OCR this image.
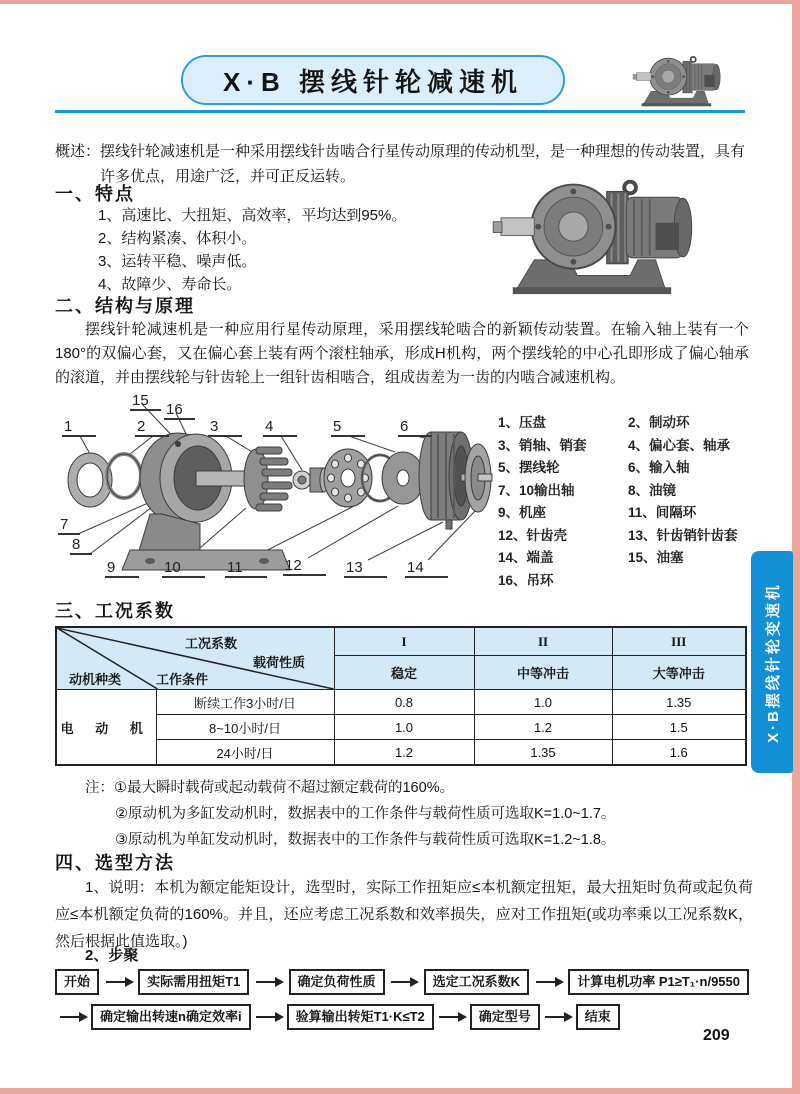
X·B 摆线针轮减速机

概述：摆线针轮减速机是一种采用摆线针齿啮合行星传动原理的传动机型，是一种理想的传动装置，具有许多优点，用途广泛，并可正反运转。

一、特点
1、高速比、大扭矩、高效率，平均达到95%。
2、结构紧凑、体积小。
3、运转平稳、噪声低。
4、故障少、寿命长。
二、结构与原理

摆线针轮减速机是一种应用行星传动原理，采用摆线轮啮合的新颖传动装置。在输入轴上装有一个180°的双偏心套，又在偏心套上装有两个滚柱轴承，形成H机构，两个摆线轮的中心孔即形成了偏心轴承的滚道，并由摆线轮与针齿轮上一组针齿相啮合，组成齿差为一齿的内啮合减速机构。

15
16
1	2	3	4	5	6
7
8
9	10	11	12	13	14
1、压盘	2、制动环
3、销轴、销套	4、偏心套、轴承
5、摆线轮	6、输入轴
7、10输出轴	8、油镜
9、机座	11、间隔环
12、针齿壳	13、针齿销针齿套
14、端盖	15、油塞
16、吊环
三、工况系数
工况系数
载荷性质
动机种类 工作条件		I	II	III
		稳定	中等冲击	大等冲击
电 动 机	断续工作3小时/日	0.8	1.0	1.35
	8~10小时/日	1.0	1.2	1.5
	24小时/日	1.2	1.35	1.6
注：①最大瞬时载荷或起动载荷不超过额定载荷的160%。
②原动机为多缸发动机时，数据表中的工作条件与载荷性质可选取K=1.0~1.7。
③原动机为单缸发动机时，数据表中的工作条件与载荷性质可选取K=1.2~1.8。
四、选型方法

1、说明：本机为额定能矩设计，选型时，实际工作扭矩应≤本机额定扭矩，最大扭矩时负荷或起负荷应≤本机额定负荷的160%。并且，还应考虑工况系数和效率损失，应对工作扭矩(或功率乘以工况系数K，然后根据此值选取。)

2、步聚
开始	实际需用扭矩T1	确定负荷性质	选定工况系数K	计算电机功率 P1≥T₁·n/9550
确定输出转速n确定效率i	验算输出转矩T1·K≤T2	确定型号	结束
209
X·B摆线针轮变速机
